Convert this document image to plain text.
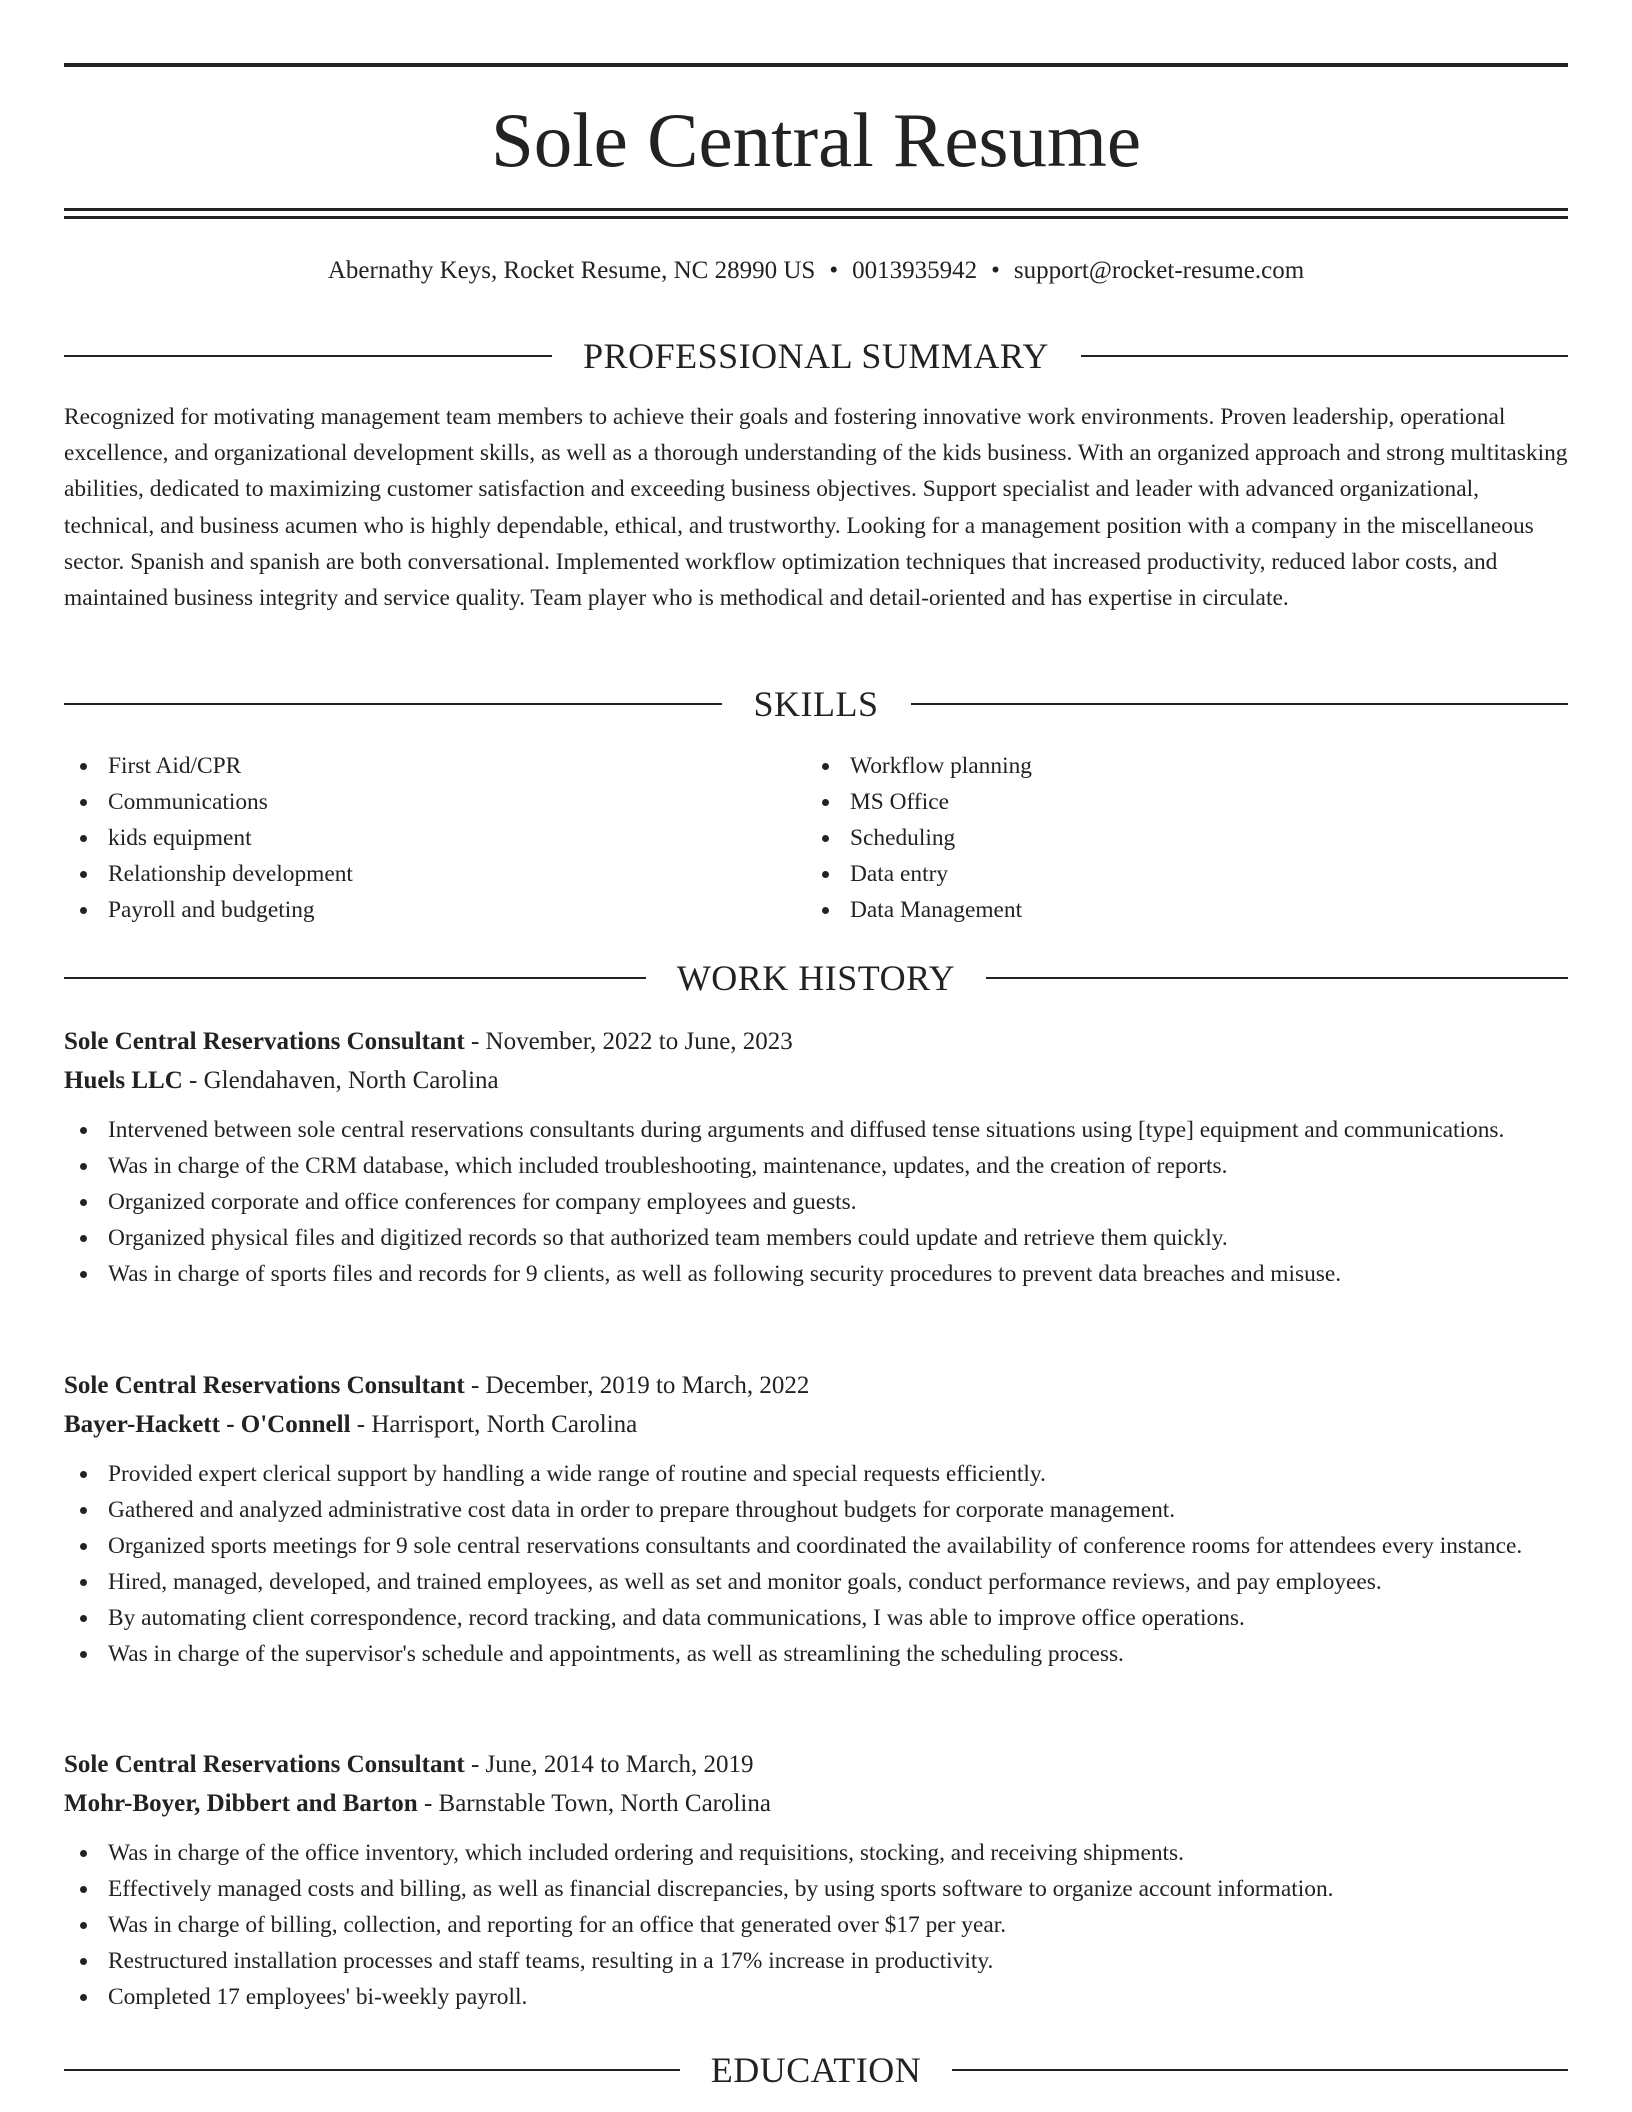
Sole Central Resume
Abernathy Keys, Rocket Resume, NC 28990 US • 0013935942 • support@rocket-resume.com
PROFESSIONAL SUMMARY

Recognized for motivating management team members to achieve their goals and fostering innovative work environments. Proven leadership, operational excellence, and organizational development skills, as well as a thorough understanding of the kids business. With an organized approach and strong multitasking abilities, dedicated to maximizing customer satisfaction and exceeding business objectives. Support specialist and leader with advanced organizational, technical, and business acumen who is highly dependable, ethical, and trustworthy. Looking for a management position with a company in the miscellaneous sector. Spanish and spanish are both conversational. Implemented workflow optimization techniques that increased productivity, reduced labor costs, and maintained business integrity and service quality. Team player who is methodical and detail-oriented and has expertise in circulate.

SKILLS
First Aid/CPR
Communications
kids equipment
Relationship development
Payroll and budgeting
Workflow planning
MS Office
Scheduling
Data entry
Data Management
WORK HISTORY
Sole Central Reservations Consultant - November, 2022 to June, 2023
Huels LLC - Glendahaven, North Carolina
Intervened between sole central reservations consultants during arguments and diffused tense situations using [type] equipment and communications.
Was in charge of the CRM database, which included troubleshooting, maintenance, updates, and the creation of reports.
Organized corporate and office conferences for company employees and guests.
Organized physical files and digitized records so that authorized team members could update and retrieve them quickly.
Was in charge of sports files and records for 9 clients, as well as following security procedures to prevent data breaches and misuse.
Sole Central Reservations Consultant - December, 2019 to March, 2022
Bayer-Hackett - O'Connell - Harrisport, North Carolina
Provided expert clerical support by handling a wide range of routine and special requests efficiently.
Gathered and analyzed administrative cost data in order to prepare throughout budgets for corporate management.
Organized sports meetings for 9 sole central reservations consultants and coordinated the availability of conference rooms for attendees every instance.
Hired, managed, developed, and trained employees, as well as set and monitor goals, conduct performance reviews, and pay employees.
By automating client correspondence, record tracking, and data communications, I was able to improve office operations.
Was in charge of the supervisor's schedule and appointments, as well as streamlining the scheduling process.
Sole Central Reservations Consultant - June, 2014 to March, 2019
Mohr-Boyer, Dibbert and Barton - Barnstable Town, North Carolina
Was in charge of the office inventory, which included ordering and requisitions, stocking, and receiving shipments.
Effectively managed costs and billing, as well as financial discrepancies, by using sports software to organize account information.
Was in charge of billing, collection, and reporting for an office that generated over $17 per year.
Restructured installation processes and staff teams, resulting in a 17% increase in productivity.
Completed 17 employees' bi-weekly payroll.
EDUCATION
